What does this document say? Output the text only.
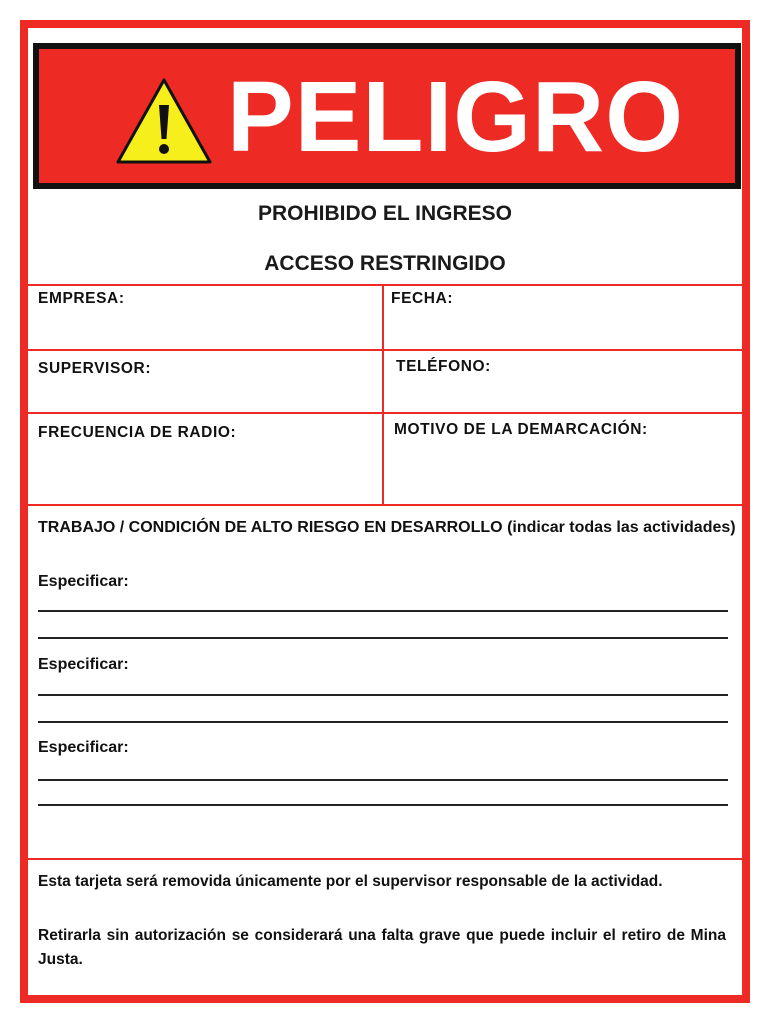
PELIGRO

PROHIBIDO EL INGRESO

ACCESO RESTRINGIDO

EMPRESA:	FECHA:

SUPERVISOR:	TELÉFONO:

FRECUENCIA DE RADIO:	MOTIVO DE LA DEMARCACIÓN:

TRABAJO / CONDICIÓN DE ALTO RIESGO EN DESARROLLO (indicar todas las actividades)

Especificar:

Especificar:

Especificar:

Esta tarjeta será removida únicamente por el supervisor responsable de la actividad.

Retirarla sin autorización se considerará una falta grave que puede incluir el retiro de Mina Justa.
